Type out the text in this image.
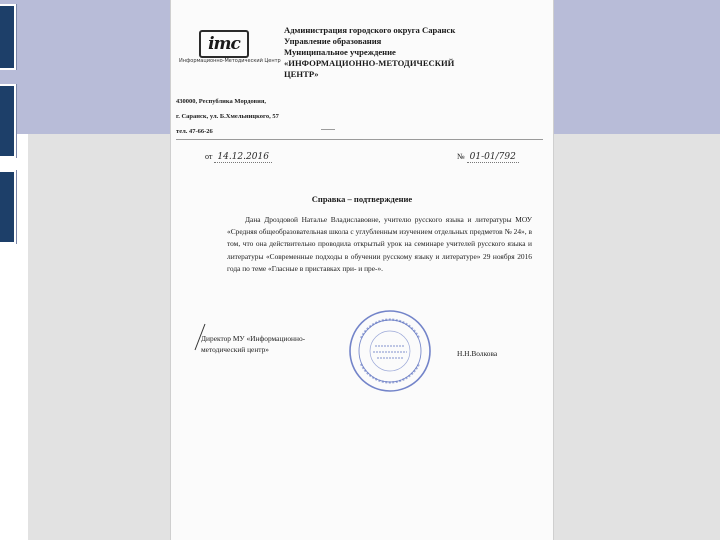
imc
Информационно-Методический Центр
Администрация городского округа Саранск
Управление образования
Муниципальное учреждение
«ИНФОРМАЦИОННО-МЕТОДИЧЕСКИЙ
ЦЕНТР»
430000, Республика Мордовия,
г. Саранск, ул. Б.Хмельницкого, 57
тел. 47-66-26
от 14.12.2016	№ 01-01/792
Справка – подтверждение
Дана Дроздовой Наталье Владиславовне, учителю русского языка и литературы МОУ «Средняя общеобразовательная школа с углубленным изучением отдельных предметов № 24», в том, что она действительно проводила открытый урок на семинаре учителей русского языка и литературы «Современные подходы в обучении русскому языку и литературе» 29 ноября 2016 года по теме «Гласные в приставках при- и пре-».
Директор МУ «Информационно-
методический центр»	Н.Н.Волкова
